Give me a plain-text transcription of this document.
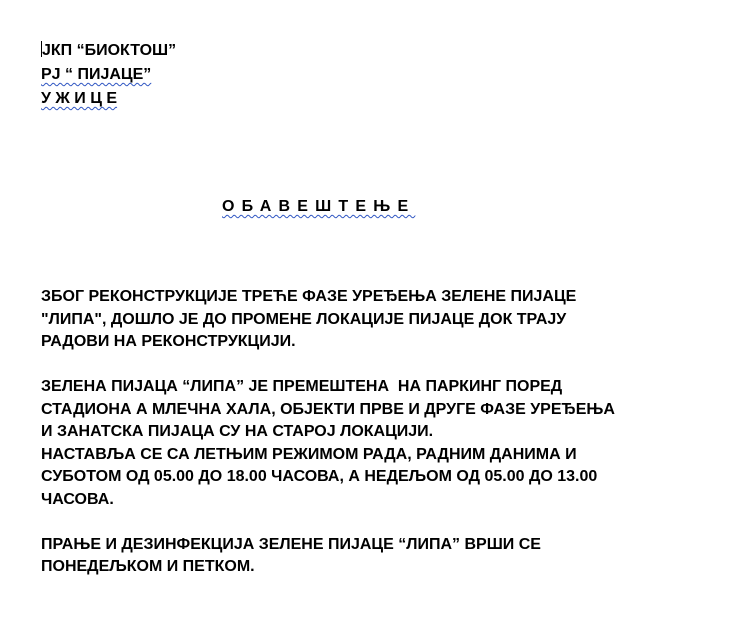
ЈКП “БИОКТОШ”
РЈ “ ПИЈАЦЕ”
У Ж И Ц Е
ОБАВЕШТЕЊЕ
ЗБОГ РЕКОНСТРУКЦИЈЕ ТРЕЋЕ ФАЗЕ УРЕЂЕЊА ЗЕЛЕНЕ ПИЈАЦЕ
"ЛИПА", ДОШЛО ЈЕ ДО ПРОМЕНЕ ЛОКАЦИЈЕ ПИЈАЦЕ ДОК ТРАЈУ
РАДОВИ НА РЕКОНСТРУКЦИЈИ.
ЗЕЛЕНА ПИЈАЦА “ЛИПА” ЈЕ ПРЕМЕШТЕНА  НА ПАРКИНГ ПОРЕД
СТАДИОНА А МЛЕЧНА ХАЛА, ОБЈЕКТИ ПРВЕ И ДРУГЕ ФАЗЕ УРЕЂЕЊА
И ЗАНАТСКА ПИЈАЦА СУ НА СТАРОЈ ЛОКАЦИЈИ.
НАСТАВЉА СЕ СА ЛЕТЊИМ РЕЖИМОМ РАДА, РАДНИМ ДАНИМА И
СУБОТОМ ОД 05.00 ДО 18.00 ЧАСОВА, А НЕДЕЉОМ ОД 05.00 ДО 13.00
ЧАСОВА.
ПРАЊЕ И ДЕЗИНФЕКЦИЈА ЗЕЛЕНЕ ПИЈАЦЕ “ЛИПА” ВРШИ СЕ
ПОНЕДЕЉКОМ И ПЕТКОМ.
